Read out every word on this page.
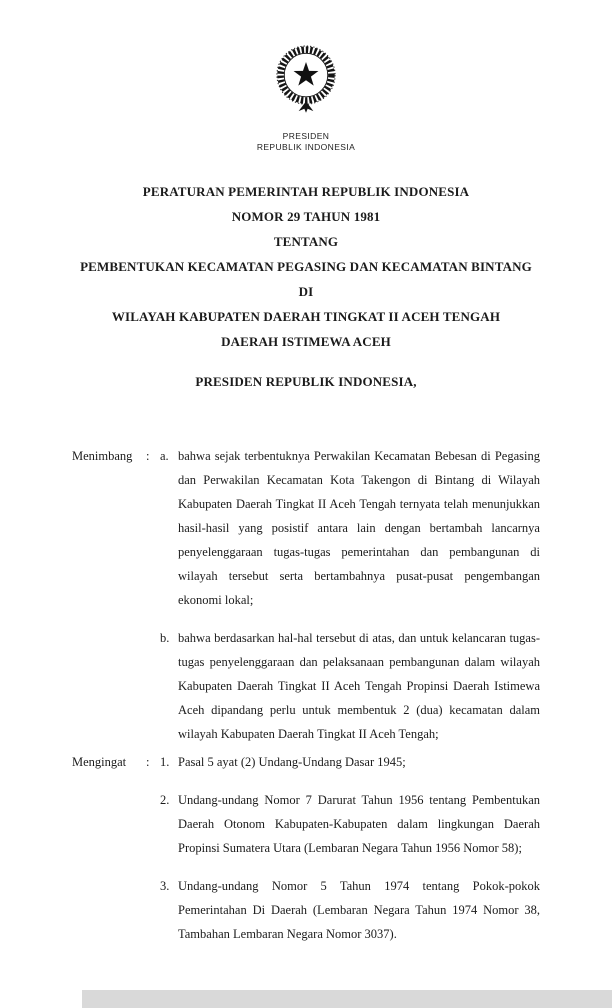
PRESIDEN
REPUBLIK INDONESIA
PERATURAN PEMERINTAH REPUBLIK INDONESIA
NOMOR 29 TAHUN 1981
TENTANG
PEMBENTUKAN KECAMATAN PEGASING DAN KECAMATAN BINTANG DI
WILAYAH KABUPATEN DAERAH TINGKAT II ACEH TENGAH
DAERAH ISTIMEWA ACEH
PRESIDEN REPUBLIK INDONESIA,
Menimbang	: a. bahwa sejak terbentuknya Perwakilan Kecamatan Bebesan di Pegasing dan Perwakilan Kecamatan Kota Takengon di Bintang di Wilayah Kabupaten Daerah Tingkat II Aceh Tengah ternyata telah menunjukkan hasil-hasil yang posistif antara lain dengan bertambah lancarnya penyelenggaraan tugas-tugas pemerintahan dan pembangunan di wilayah tersebut serta bertambahnya pusat-pusat pengembangan ekonomi lokal;
b. bahwa berdasarkan hal-hal tersebut di atas, dan untuk kelancaran tugas-tugas penyelenggaraan dan pelaksanaan pembangunan dalam wilayah Kabupaten Daerah Tingkat II Aceh Tengah Propinsi Daerah Istimewa Aceh dipandang perlu untuk membentuk 2 (dua) kecamatan dalam wilayah Kabupaten Daerah Tingkat II Aceh Tengah;
Mengingat	: 1. Pasal 5 ayat (2) Undang-Undang Dasar 1945;
2. Undang-undang Nomor 7 Darurat Tahun 1956 tentang Pembentukan Daerah Otonom Kabupaten-Kabupaten dalam lingkungan Daerah Propinsi Sumatera Utara (Lembaran Negara Tahun 1956 Nomor 58);
3. Undang-undang Nomor 5 Tahun 1974 tentang Pokok-pokok Pemerintahan Di Daerah (Lembaran Negara Tahun 1974 Nomor 38, Tambahan Lembaran Negara Nomor 3037).
